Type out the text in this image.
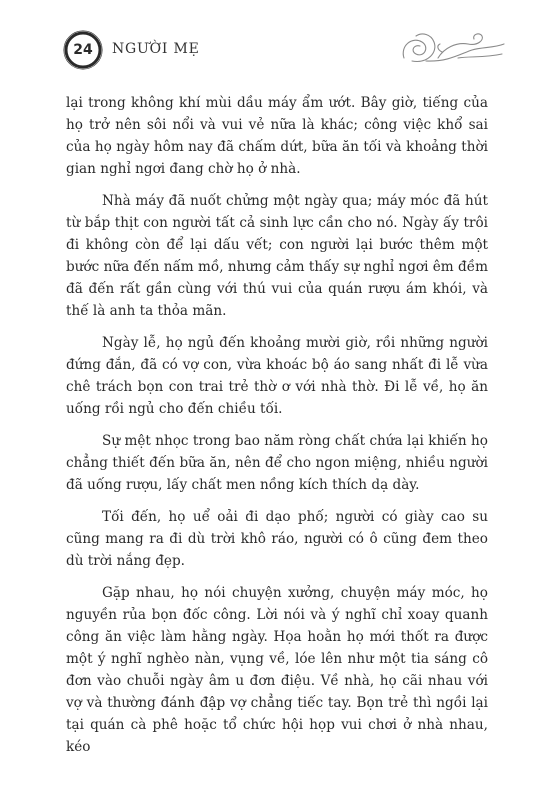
24	NGƯỜI MẸ

lại trong không khí mùi dầu máy ẩm ướt. Bây giờ, tiếng của họ trở nên sôi nổi và vui vẻ nữa là khác; công việc khổ sai của họ ngày hôm nay đã chấm dứt, bữa ăn tối và khoảng thời gian nghỉ ngơi đang chờ họ ở nhà.

Nhà máy đã nuốt chửng một ngày qua; máy móc đã hút từ bắp thịt con người tất cả sinh lực cần cho nó. Ngày ấy trôi đi không còn để lại dấu vết; con người lại bước thêm một bước nữa đến nấm mồ, nhưng cảm thấy sự nghỉ ngơi êm đềm đã đến rất gần cùng với thú vui của quán rượu ám khói, và thế là anh ta thỏa mãn.

Ngày lễ, họ ngủ đến khoảng mười giờ, rồi những người đứng đắn, đã có vợ con, vừa khoác bộ áo sang nhất đi lễ vừa chê trách bọn con trai trẻ thờ ơ với nhà thờ. Đi lễ về, họ ăn uống rồi ngủ cho đến chiều tối.

Sự mệt nhọc trong bao năm ròng chất chứa lại khiến họ chẳng thiết đến bữa ăn, nên để cho ngon miệng, nhiều người đã uống rượu, lấy chất men nồng kích thích dạ dày.

Tối đến, họ uể oải đi dạo phố; người có giày cao su cũng mang ra đi dù trời khô ráo, người có ô cũng đem theo dù trời nắng đẹp.

Gặp nhau, họ nói chuyện xưởng, chuyện máy móc, họ nguyền rủa bọn đốc công. Lời nói và ý nghĩ chỉ xoay quanh công ăn việc làm hằng ngày. Họa hoằn họ mới thốt ra được một ý nghĩ nghèo nàn, vụng về, lóe lên như một tia sáng cô đơn vào chuỗi ngày âm u đơn điệu. Về nhà, họ cãi nhau với vợ và thường đánh đập vợ chẳng tiếc tay. Bọn trẻ thì ngồi lại tại quán cà phê hoặc tổ chức hội họp vui chơi ở nhà nhau, kéo
